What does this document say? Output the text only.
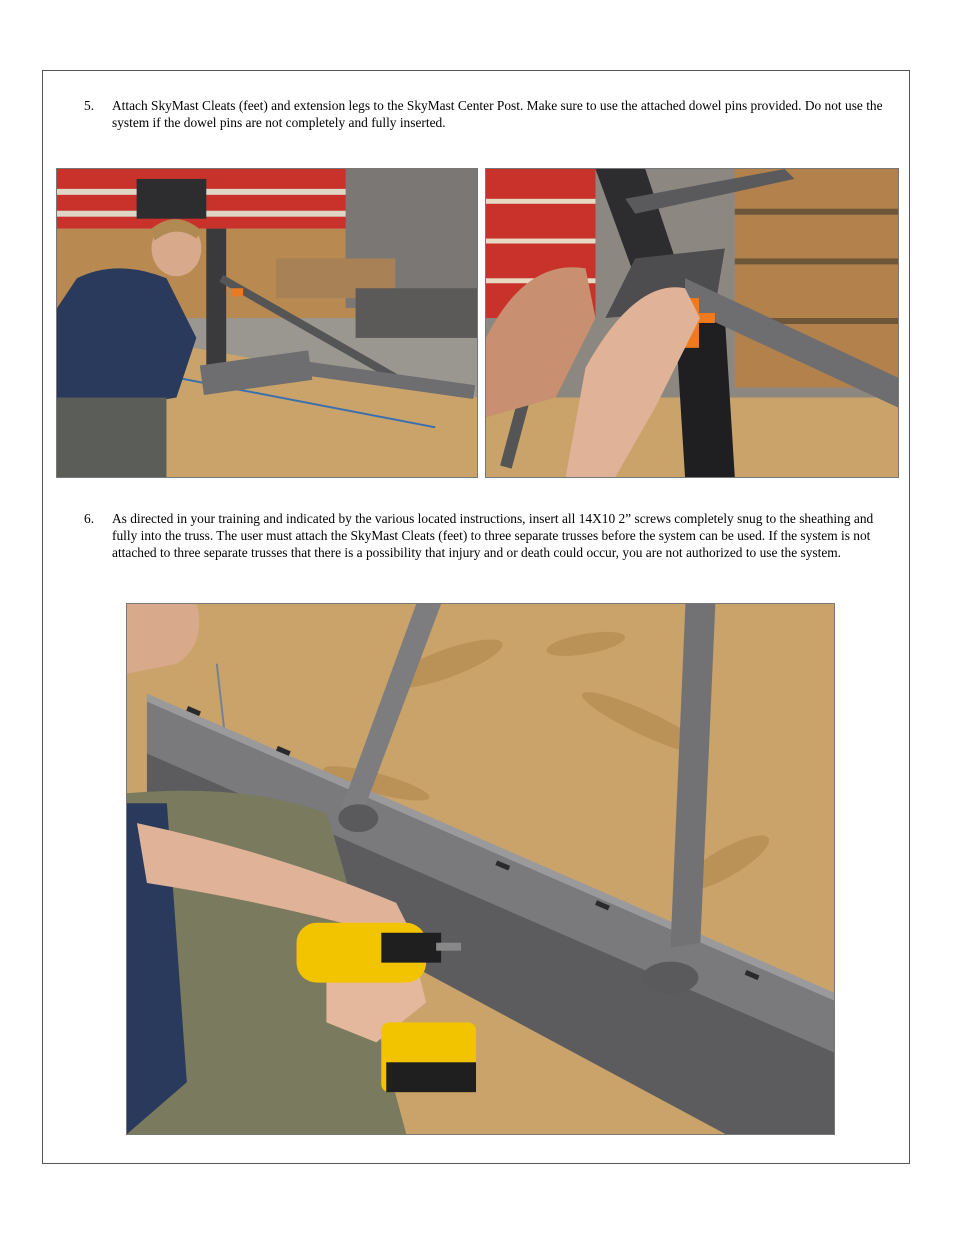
5. Attach SkyMast Cleats (feet) and extension legs to the SkyMast Center Post. Make sure to use the attached dowel pins provided. Do not use the system if the dowel pins are not completely and fully inserted.
6. As directed in your training and indicated by the various located instructions, insert all 14X10 2” screws completely snug to the sheathing and fully into the truss. The user must attach the SkyMast Cleats (feet) to three separate trusses before the system can be used. If the system is not attached to three separate trusses that there is a possibility that injury and or death could occur, you are not authorized to use the system.
